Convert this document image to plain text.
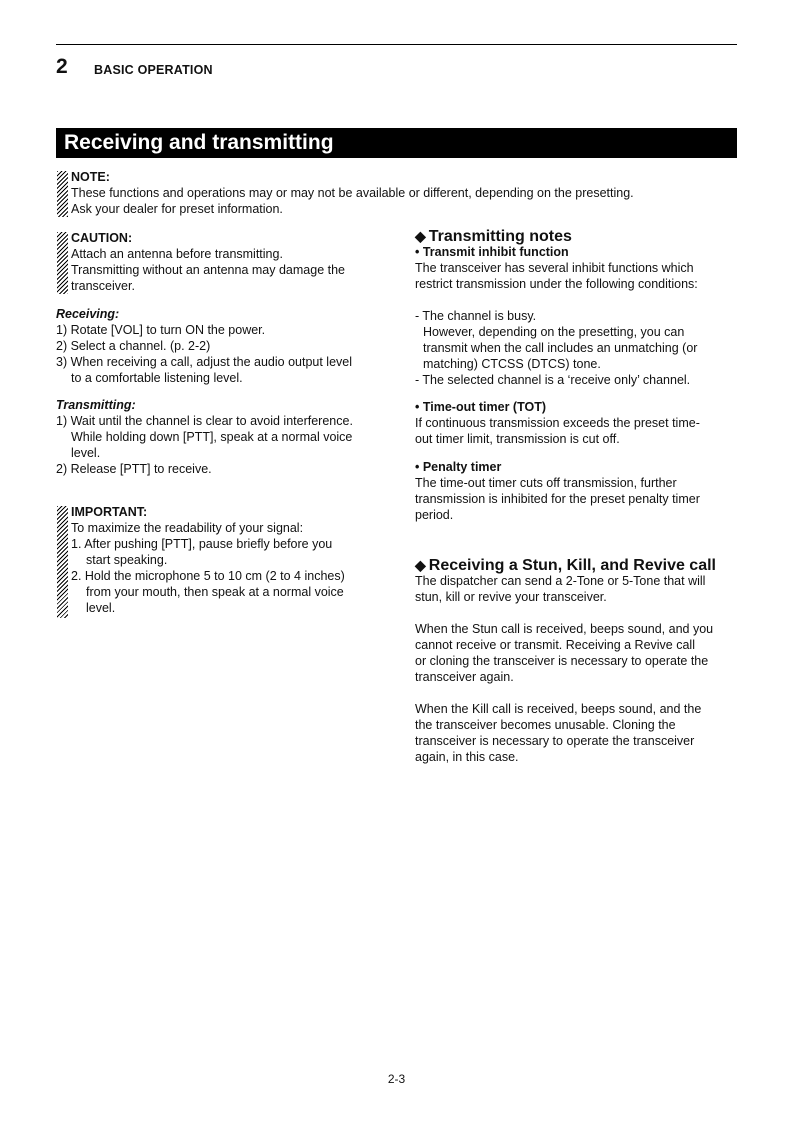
2 BASIC OPERATION
Receiving and transmitting
NOTE:
These functions and operations may or may not be available or different, depending on the presetting.
Ask your dealer for preset information.
CAUTION:
Attach an antenna before transmitting.
Transmitting without an antenna may damage the
transceiver.
Receiving:
1) Rotate [VOL] to turn ON the power.
2) Select a channel. (p. 2-2)
3) When receiving a call, adjust the audio output level
to a comfortable listening level.
Transmitting:
1) Wait until the channel is clear to avoid interference.
While holding down [PTT], speak at a normal voice
level.
2) Release [PTT] to receive.
IMPORTANT:
To maximize the readability of your signal:
1. After pushing [PTT], pause briefly before you
start speaking.
2. Hold the microphone 5 to 10 cm (2 to 4 inches)
from your mouth, then speak at a normal voice
level.
◆ Transmitting notes
• Transmit inhibit function
The transceiver has several inhibit functions which
restrict transmission under the following conditions:
- The channel is busy.
However, depending on the presetting, you can
transmit when the call includes an unmatching (or
matching) CTCSS (DTCS) tone.
- The selected channel is a ‘receive only’ channel.
• Time-out timer (TOT)
If continuous transmission exceeds the preset time-
out timer limit, transmission is cut off.
• Penalty timer
The time-out timer cuts off transmission, further
transmission is inhibited for the preset penalty timer
period.
◆ Receiving a Stun, Kill, and Revive call
The dispatcher can send a 2-Tone or 5-Tone that will
stun, kill or revive your transceiver.
When the Stun call is received, beeps sound, and you
cannot receive or transmit. Receiving a Revive call
or cloning the transceiver is necessary to operate the
transceiver again.
When the Kill call is received, beeps sound, and the
the transceiver becomes unusable. Cloning the
transceiver is necessary to operate the transceiver
again, in this case.
2-3
